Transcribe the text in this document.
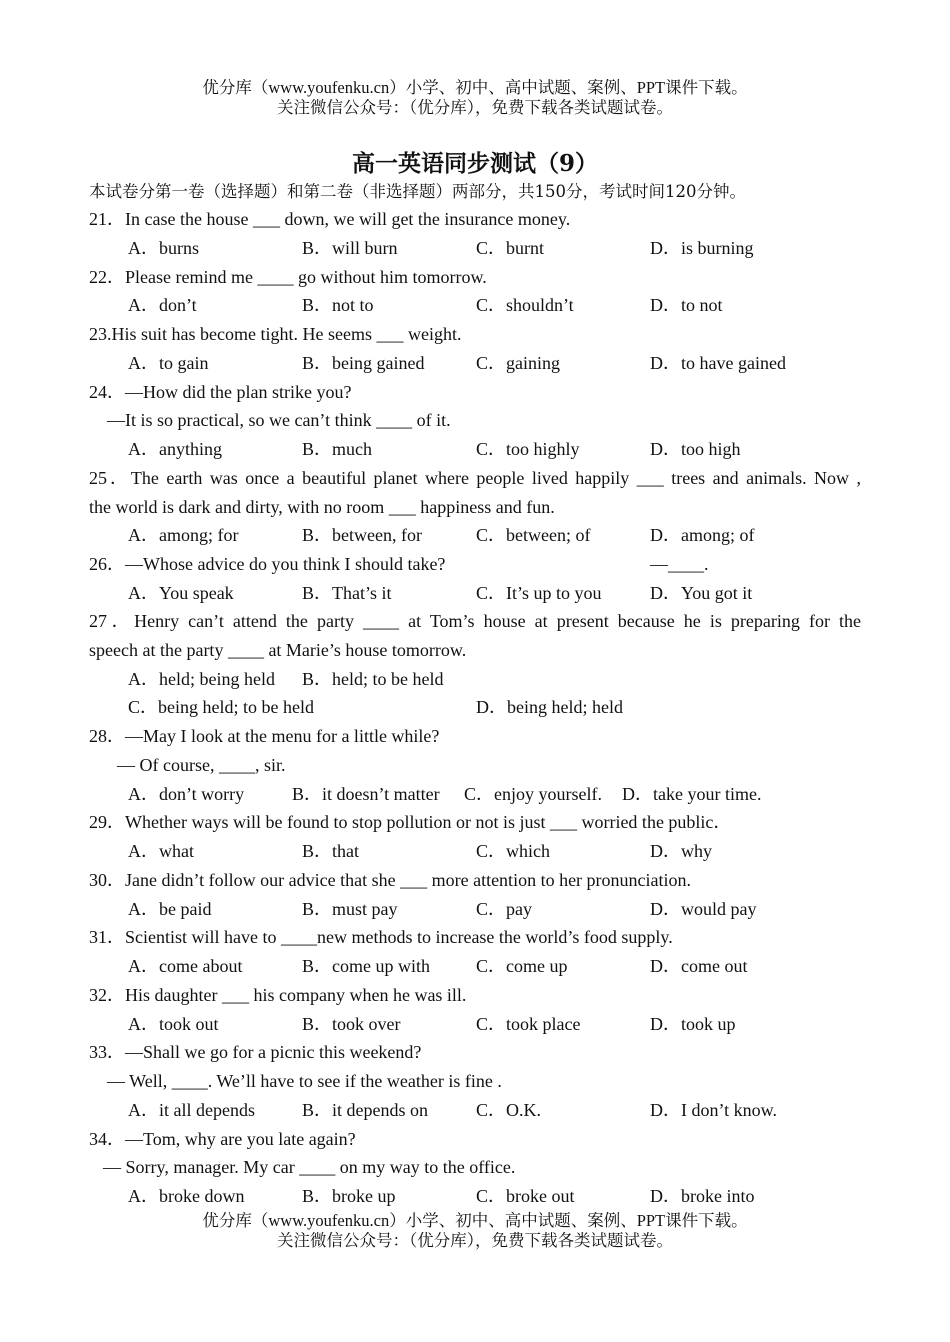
优分库（www.youfenku.cn）小学、初中、高中试题、案例、PPT课件下载。
关注微信公众号：（优分库），免费下载各类试题试卷。
高一英语同步测试（9）
本试卷分第一卷（选择题）和第二卷（非选择题）两部分，共150分，考试时间120分钟。
21．In case the house ___ down, we will get the insurance money.
A．burns	B．will burn	C．burnt	D．is burning
22．Please remind me ____ go without him tomorrow.
A．don’t	B．not to	C．shouldn’t	D．to not
23.His suit has become tight. He seems ___ weight.
A．to gain	B．being gained	C．gaining	D．to have gained
24．—How did the plan strike you?
—It is so practical, so we can’t think ____ of it.
A．anything	B．much	C．too highly	D．too high
25．The earth was once a beautiful planet where people lived happily ___ trees and animals. Now ,
the world is dark and dirty, with no room ___ happiness and fun.
A．among; for	B．between, for	C．between; of	D．among; of
26．—Whose advice do you think I should take?	—____.
A．You speak	B．That’s it	C．It’s up to you	D．You got it
27．Henry can’t attend the party ____ at Tom’s house at present because he is preparing for the
speech at the party ____ at Marie’s house tomorrow.
A．held; being held B．held; to be held
C．being held; to be held	D．being held; held
28．—May I look at the menu for a little while?
— Of course, ____, sir.
A．don’t worry	B．it doesn’t matter C．enjoy yourself. D．take your time.
29．Whether ways will be found to stop pollution or not is just ___ worried the public．
A．what	B．that	C．which	D．why
30．Jane didn’t follow our advice that she ___ more attention to her pronunciation.
A．be paid	B．must pay	C．pay	D．would pay
31．Scientist will have to ____new methods to increase the world’s food supply.
A．come about	B．come up with	C．come up	D．come out
32．His daughter ___ his company when he was ill.
A．took out	B．took over	C．took place	D．took up
33．—Shall we go for a picnic this weekend?
— Well, ____. We’ll have to see if the weather is fine .
A．it all depends	B．it depends on	C．O.K.	D．I don’t know.
34．—Tom, why are you late again?
— Sorry, manager. My car ____ on my way to the office.
A．broke down	B．broke up	C．broke out	D．broke into
优分库（www.youfenku.cn）小学、初中、高中试题、案例、PPT课件下载。
关注微信公众号：（优分库），免费下载各类试题试卷。
